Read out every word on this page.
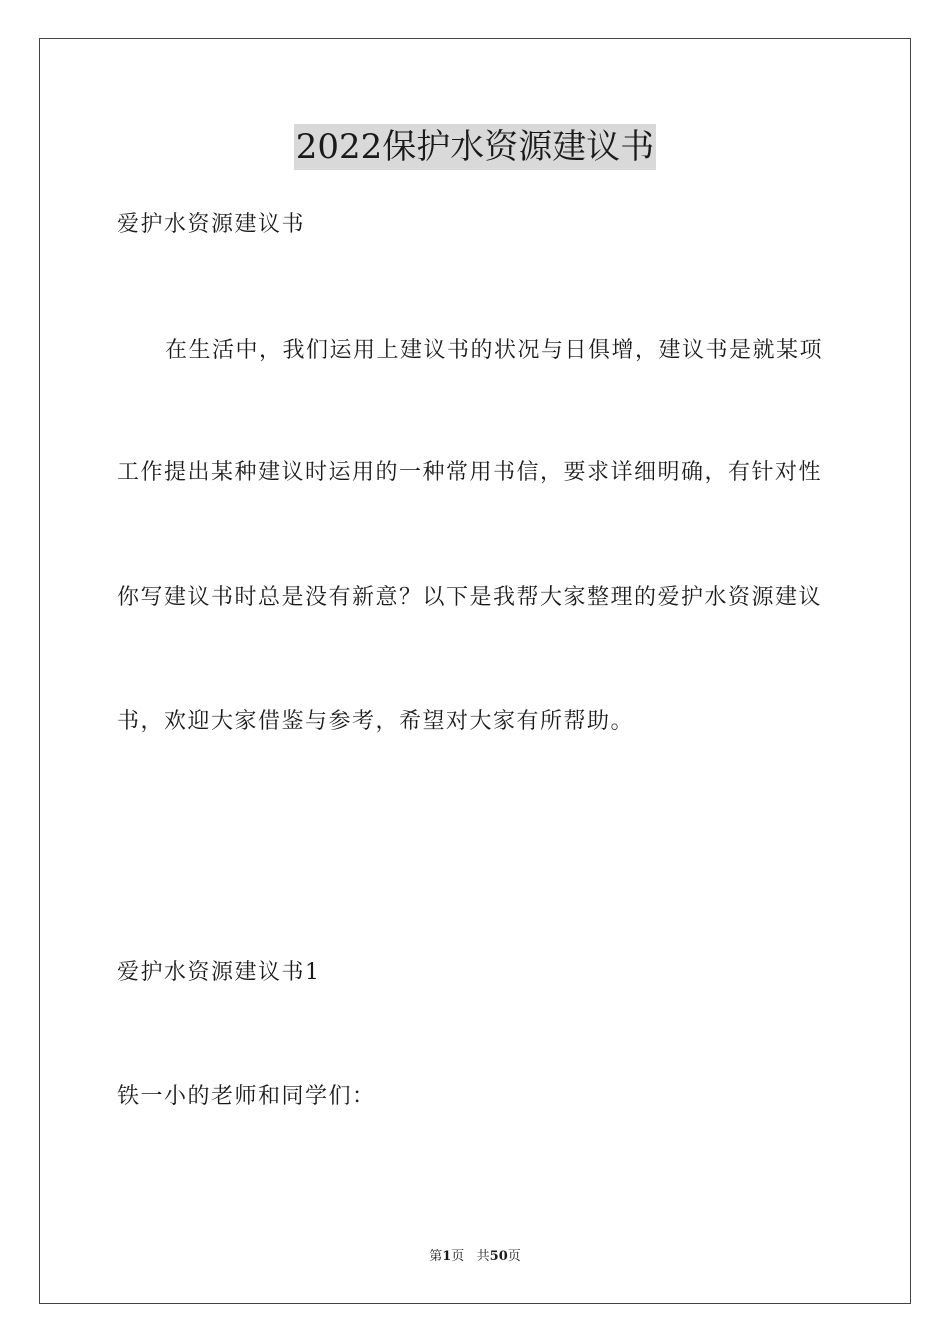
2022保护水资源建议书
爱护水资源建议书
在生活中，我们运用上建议书的状况与日俱增，建议书是就某项
工作提出某种建议时运用的一种常用书信，要求详细明确，有针对性
你写建议书时总是没有新意？以下是我帮大家整理的爱护水资源建议
书，欢迎大家借鉴与参考，希望对大家有所帮助。
爱护水资源建议书1
铁一小的老师和同学们：
第1页   共50页
